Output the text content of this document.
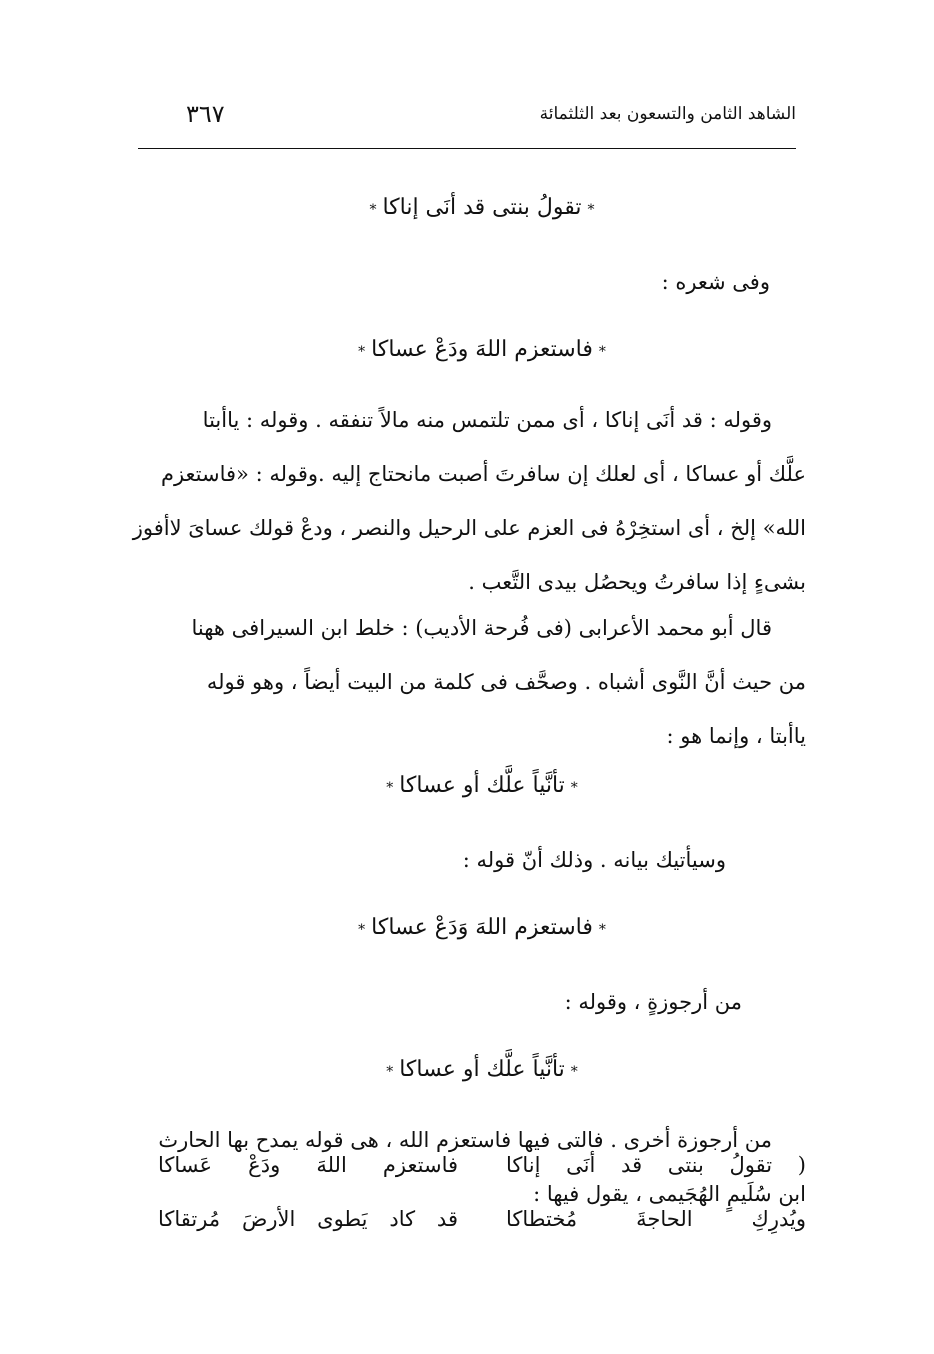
الشاهد الثامن والتسعون بعد الثلثمائة
٣٦٧
*تقولُ بنتى قد أنَى إناكا*
وفى شعره :
*فاستعزم اللهَ ودَعْ عساكا*
وقوله : قد أنَى إناكا ، أى ممن تلتمس منه مالاً تنفقه . وقوله : ياأبتا
علَّك أو عساكا ، أى لعلك إن سافرتَ أصبت مانحتاج إليه .وقوله : «فاستعزم
الله» إلخ ، أى استخِرْهُ فى العزم على الرحيل والنصر ، ودعْ قولك عسایَ لاأفوز
بشیءٍ إذا سافرتُ ويحصُل بيدى التَّعب .
قال أبو محمد الأعرابى (فى فُرحة الأديب) : خلط ابن السيرافى ههنا
من حيث أنَّ النَّوى أشباه . وصحَّف فى كلمة من البيت أيضاً ، وهو قوله
ياأبتا ، وإنما هو :
*تأنَّياً علَّك أو عساكا*
وسيأتيك بيانه . وذلك أنّ قوله :
*فاستعزم اللهَ وَدَعْ عساكا*
من أرجوزةٍ ، وقوله :
*تأنَّياً علَّك أو عساكا*
من أرجوزة أخرى . فالتى فيها فاستعزم الله ، هى قوله يمدح بها الحارث
ابن سُلَيمٍ الهُجَيمى ، يقول فيها :
( تقولُ بنتى قد أنَى إناكا
فاستعزم اللهَ ودَعْ عَساكا
ويُدرِكِ الحاجةَ مُختطاكا
قد كاد يَطوى الأرضَ مُرتقاكا
